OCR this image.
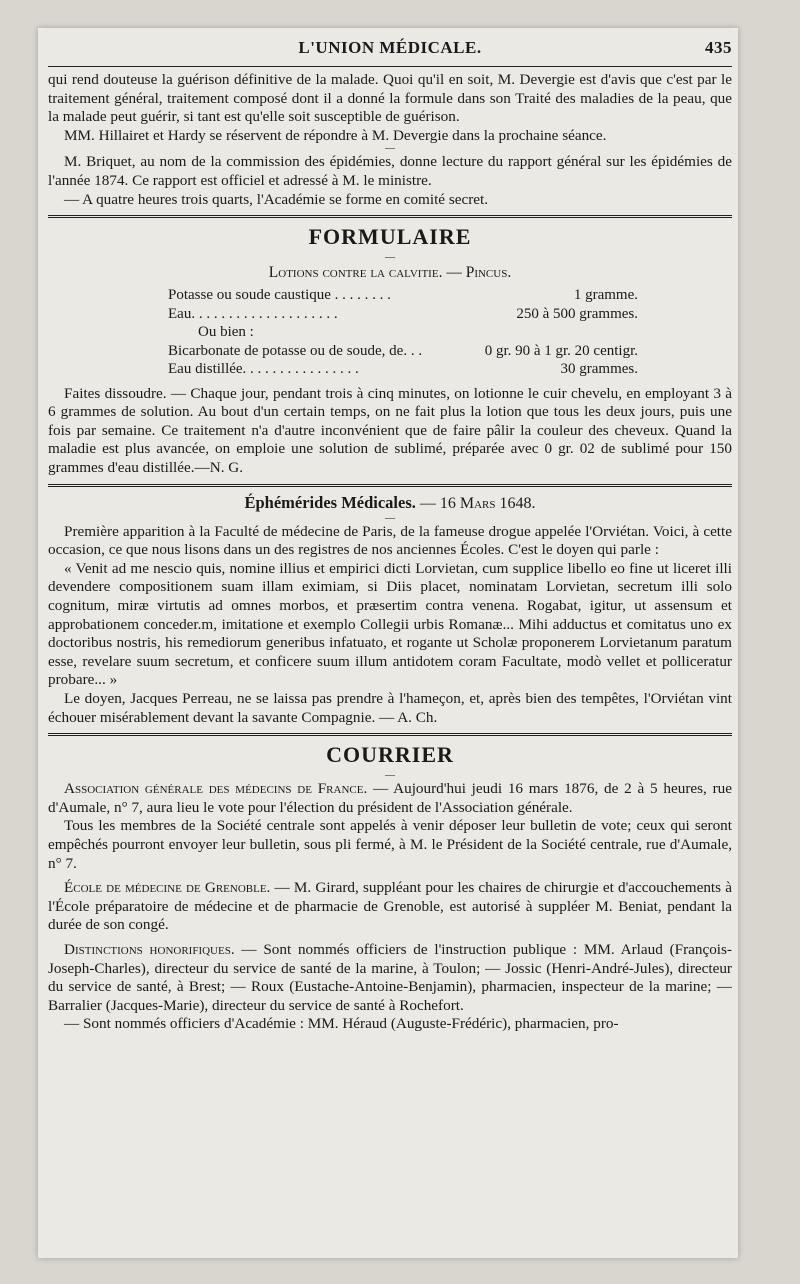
L'UNION MÉDICALE.	435

qui rend douteuse la guérison définitive de la malade. Quoi qu'il en soit, M. Devergie est d'avis que c'est par le traitement général, traitement composé dont il a donné la formule dans son Traité des maladies de la peau, que la malade peut guérir, si tant est qu'elle soit susceptible de guérison.

MM. Hillairet et Hardy se réservent de répondre à M. Devergie dans la prochaine séance.

—

M. Briquet, au nom de la commission des épidémies, donne lecture du rapport général sur les épidémies de l'année 1874. Ce rapport est officiel et adressé à M. le ministre.

— A quatre heures trois quarts, l'Académie se forme en comité secret.

FORMULAIRE
—
Lotions contre la calvitie. — Pincus.
Potasse ou soude caustique . . . . . . . .	1 gramme.
Eau. . . . . . . . . . . . . . . . . . . .	250 à 500 grammes.
Ou bien :
Bicarbonate de potasse ou de soude, de. . .	0 gr. 90 à 1 gr. 20 centigr.
Eau distillée. . . . . . . . . . . . . . . .	30 grammes.

Faites dissoudre. — Chaque jour, pendant trois à cinq minutes, on lotionne le cuir chevelu, en employant 3 à 6 grammes de solution. Au bout d'un certain temps, on ne fait plus la lotion que tous les deux jours, puis une fois par semaine. Ce traitement n'a d'autre inconvénient que de faire pâlir la couleur des cheveux. Quand la maladie est plus avancée, on emploie une solution de sublimé, préparée avec 0 gr. 02 de sublimé pour 150 grammes d'eau distillée.—N. G.

Éphémérides Médicales. — 16 Mars 1648.
—

Première apparition à la Faculté de médecine de Paris, de la fameuse drogue appelée l'Orviétan. Voici, à cette occasion, ce que nous lisons dans un des registres de nos anciennes Écoles. C'est le doyen qui parle :

« Venit ad me nescio quis, nomine illius et empirici dicti Lorvietan, cum supplice libello eo fine ut liceret illi devendere compositionem suam illam eximiam, si Diis placet, nominatam Lorvietan, secretum illi solo cognitum, miræ virtutis ad omnes morbos, et præsertim contra venena. Rogabat, igitur, ut assensum et approbationem conceder.m, imitatione et exemplo Collegii urbis Romanæ... Mihi adductus et comitatus uno ex doctoribus nostris, his remediorum generibus infatuato, et rogante ut Scholæ proponerem Lorvietanum paratum esse, revelare suum secretum, et conficere suum illum antidotem coram Facultate, modò vellet et polliceratur probare... »

Le doyen, Jacques Perreau, ne se laissa pas prendre à l'hameçon, et, après bien des tempêtes, l'Orviétan vint échouer misérablement devant la savante Compagnie. — A. Ch.

COURRIER
—

Association générale des médecins de France. — Aujourd'hui jeudi 16 mars 1876, de 2 à 5 heures, rue d'Aumale, n° 7, aura lieu le vote pour l'élection du président de l'Association générale.

Tous les membres de la Société centrale sont appelés à venir déposer leur bulletin de vote; ceux qui seront empêchés pourront envoyer leur bulletin, sous pli fermé, à M. le Président de la Société centrale, rue d'Aumale, n° 7.

École de médecine de Grenoble. — M. Girard, suppléant pour les chaires de chirurgie et d'accouchements à l'École préparatoire de médecine et de pharmacie de Grenoble, est autorisé à suppléer M. Beniat, pendant la durée de son congé.

Distinctions honorifiques. — Sont nommés officiers de l'instruction publique : MM. Arlaud (François-Joseph-Charles), directeur du service de santé de la marine, à Toulon; — Jossic (Henri-André-Jules), directeur du service de santé, à Brest; — Roux (Eustache-Antoine-Benjamin), pharmacien, inspecteur de la marine; — Barralier (Jacques-Marie), directeur du service de santé à Rochefort.

— Sont nommés officiers d'Académie : MM. Héraud (Auguste-Frédéric), pharmacien, pro-
